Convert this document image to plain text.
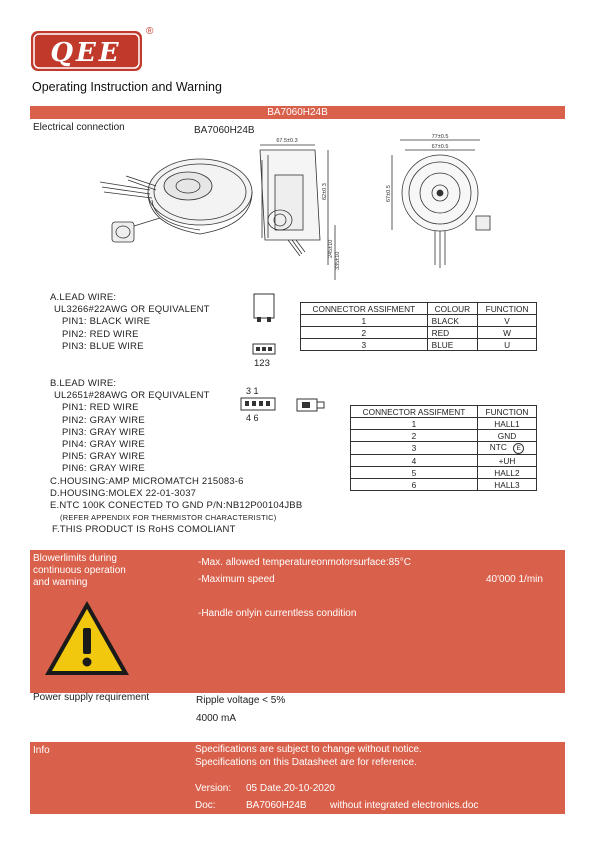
QEE
®
Operating Instruction and Warning
BA7060H24B
Electrical connection	BA7060H24B
67.5±0.3
62±0.3
245±10
335±10
77±0.5
67±0.5
67±0.5
A.LEAD WIRE:
UL3266#22AWG OR EQUIVALENT
PIN1: BLACK WIRE
PIN2: RED WIRE
PIN3: BLUE WIRE
123
CONNECTOR ASSIFMENT	COLOUR	FUNCTION
1	BLACK	V
2	RED	W
3	BLUE	U
B.LEAD WIRE:
UL2651#28AWG OR EQUIVALENT
PIN1: RED WIRE
PIN2: GRAY WIRE
PIN3: GRAY WIRE
PIN4: GRAY WIRE
PIN5: GRAY WIRE
PIN6: GRAY WIRE
C.HOUSING:AMP MICROMATCH 215083-6
D.HOUSING:MOLEX 22-01-3037
E.NTC 100K CONECTED TO GND P/N:NB12P00104JBB
(REFER APPENDIX FOR THERMISTOR CHARACTERISTIC)
F.THIS PRODUCT IS RoHS COMOLIANT
3 1
4 6
CONNECTOR ASSIFMENT	FUNCTION
1	HALL1
2	GND
3	NTC E
4	+UH
5	HALL2
6	HALL3
Blowerlimits during
continuous operation
and warning
-Max. allowed temperatureonmotorsurface:85°C
-Maximum speed	40'000 1/min
-Handle onlyin currentless condition
Power supply requirement	Ripple voltage < 5%
4000 mA
Info	Specifications are subject to change without notice.
Specifications on this Datasheet are for reference.
Version: 05 Date.20-10-2020
Doc:	BA7060H24B without integrated electronics.doc
